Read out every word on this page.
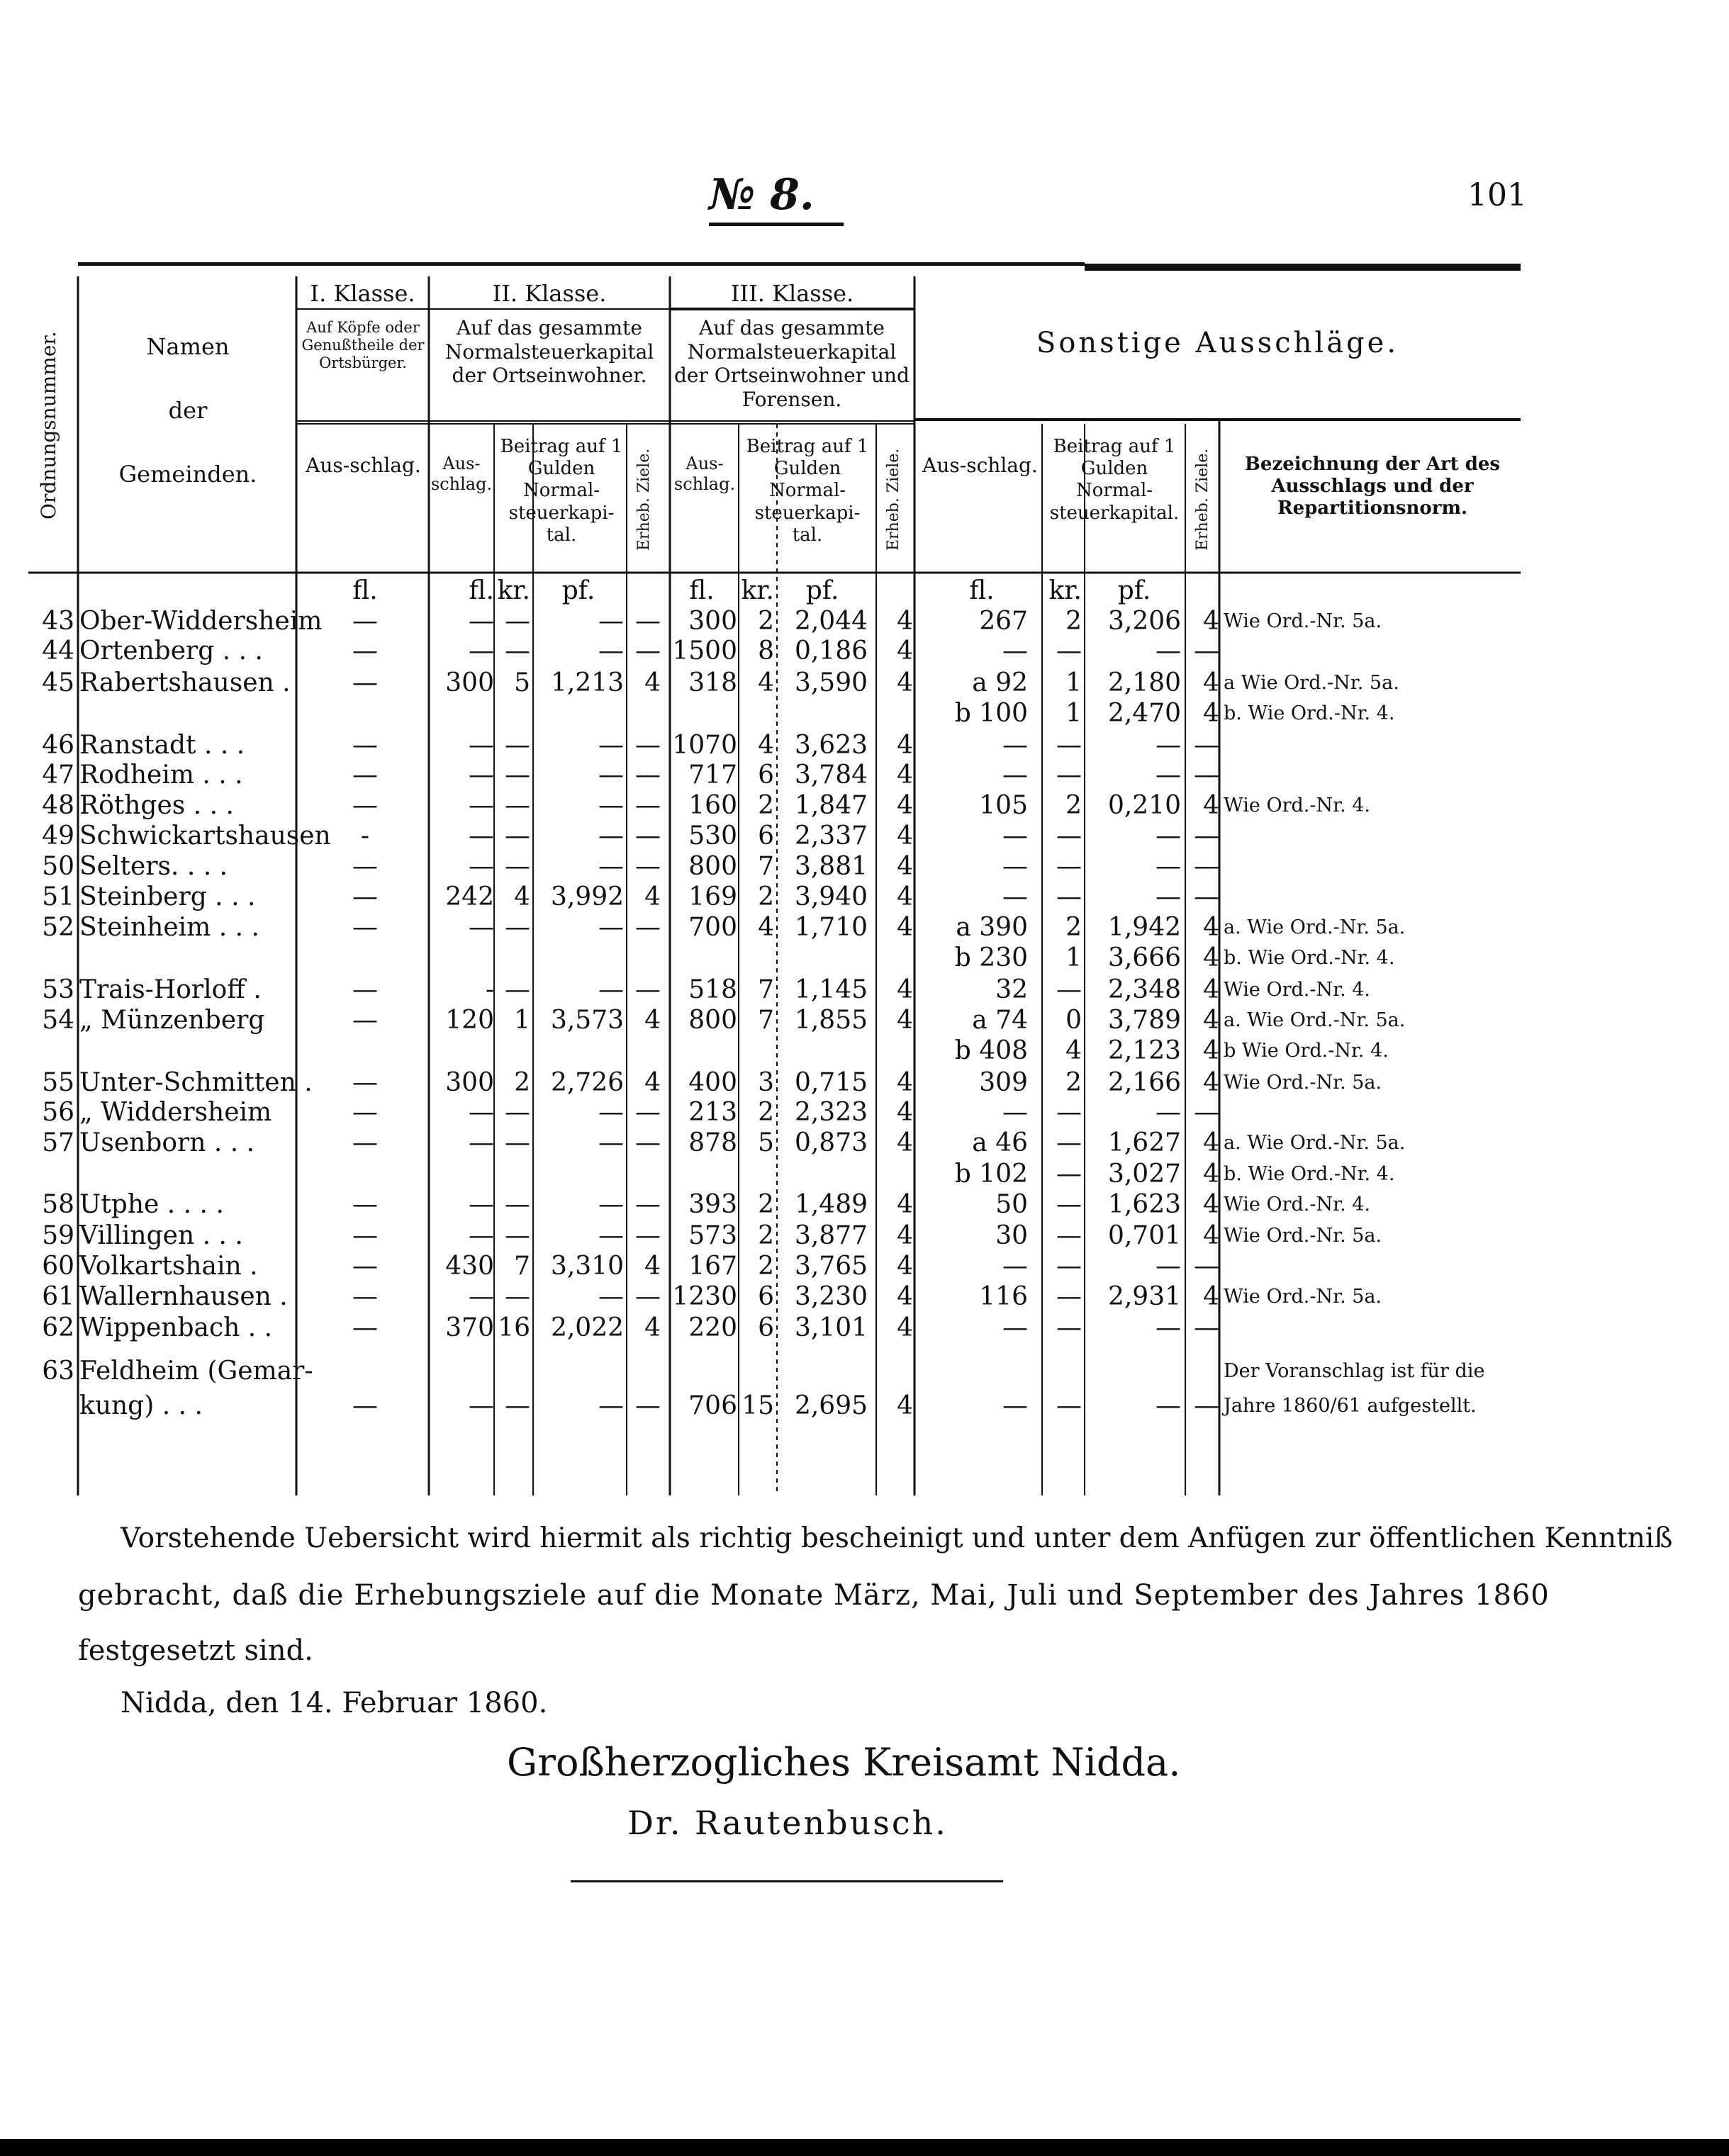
№ 8.	101
Ordnungsnummer.	Namen
der
Gemeinden.
I. Klasse.
Auf Köpfe oder Genußtheile der Ortsbürger.
Aus-schlag.
II. Klasse.
Auf das gesammte Normalsteuerkapital der Ortseinwohner.
Aus-schlag.
Beitrag auf 1 Gulden Normal-steuerkapi-tal.	Erheb. Ziele.
III. Klasse.
Auf das gesammte Normalsteuerkapital der Ortseinwohner und Forensen.
Aus-schlag.
Beitrag auf 1 Gulden Normal-steuerkapi-tal.	Erheb. Ziele.
Sonstige Ausschläge.
Aus-schlag.
Beitrag auf 1 Gulden Normal-steuerkapital. Erheb. Ziele.	Bezeichnung der Art des Ausschlags und der Repartitionsnorm.
fl.	fl. kr.	pf.	fl.	kr.	pf.	fl.	kr.	pf.
43 Ober-Widdersheim	—	— —	— —	300 2 2,044	4	267	2	3,206 4 Wie Ord.-Nr. 5a.
44 Ortenberg . . .	—	— —	— — 1500 8 0,186	4	—	—	— —
45 Rabertshausen .	—	300 5 1,213 4	318 4 3,590	4	a 92	1	2,180 4 a Wie Ord.-Nr. 5a.
b 100	1	2,470 4 b. Wie Ord.-Nr. 4.
46 Ranstadt . . .	—	— —	— — 1070 4 3,623	4	—	—	— —
47 Rodheim . . .	—	— —	— —	717 6 3,784	4	—	—	— —
48 Röthges . . .	—	— —	— —	160 2 1,847	4	105	2	0,210 4 Wie Ord.-Nr. 4.
49 Schwickartshausen	-	— —	— —	530 6 2,337	4	—	—	— —
50 Selters. . . .	—	— —	— —	800 7 3,881	4	—	—	— —
51 Steinberg . . .	—	242 4 3,992 4	169 2 3,940	4	—	—	— —
52 Steinheim . . .	—	— —	— —	700 4 1,710	4	a 390	2	1,942 4 a. Wie Ord.-Nr. 5a.
b 230	1	3,666 4 b. Wie Ord.-Nr. 4.
53 Trais-Horloff .	—	- —	— —	518 7 1,145	4	32	—	2,348 4 Wie Ord.-Nr. 4.
54 „ Münzenberg	—	120 1 3,573 4	800 7 1,855	4	a 74	0	3,789 4 a. Wie Ord.-Nr. 5a.
b 408	4	2,123 4 b Wie Ord.-Nr. 4.
55 Unter-Schmitten .	—	300 2 2,726 4	400 3 0,715	4	309	2	2,166 4 Wie Ord.-Nr. 5a.
56 „ Widdersheim	—	— —	— —	213 2 2,323	4	—	—	— —
57 Usenborn . . .	—	— —	— —	878 5 0,873	4	a 46	—	1,627 4 a. Wie Ord.-Nr. 5a.
b 102	—	3,027 4 b. Wie Ord.-Nr. 4.
58 Utphe . . . .	—	— —	— —	393 2 1,489	4	50	—	1,623 4 Wie Ord.-Nr. 4.
59 Villingen . . .	—	— —	— —	573 2 3,877	4	30	—	0,701 4 Wie Ord.-Nr. 5a.
60 Volkartshain .	—	430 7 3,310 4	167 2 3,765	4	—	—	— —
61 Wallernhausen .	—	— —	— — 1230 6 3,230	4	116	—	2,931 4 Wie Ord.-Nr. 5a.
62 Wippenbach . .	—	370 16 2,022 4	220 6 3,101	4	—	—	— —
63 Feldheim (Gemar-	Der Voranschlag ist für die
kung) . . .	—	— —	— —	706 15 2,695	4	—	—	— — Jahre 1860/61 aufgestellt.
Vorstehende Uebersicht wird hiermit als richtig bescheinigt und unter dem Anfügen zur öffentlichen Kenntniß
gebracht, daß die Erhebungsziele auf die Monate März, Mai, Juli und September des Jahres 1860
festgesetzt sind.
Nidda, den 14. Februar 1860.
Großherzogliches Kreisamt Nidda.
Dr. Rautenbusch.
